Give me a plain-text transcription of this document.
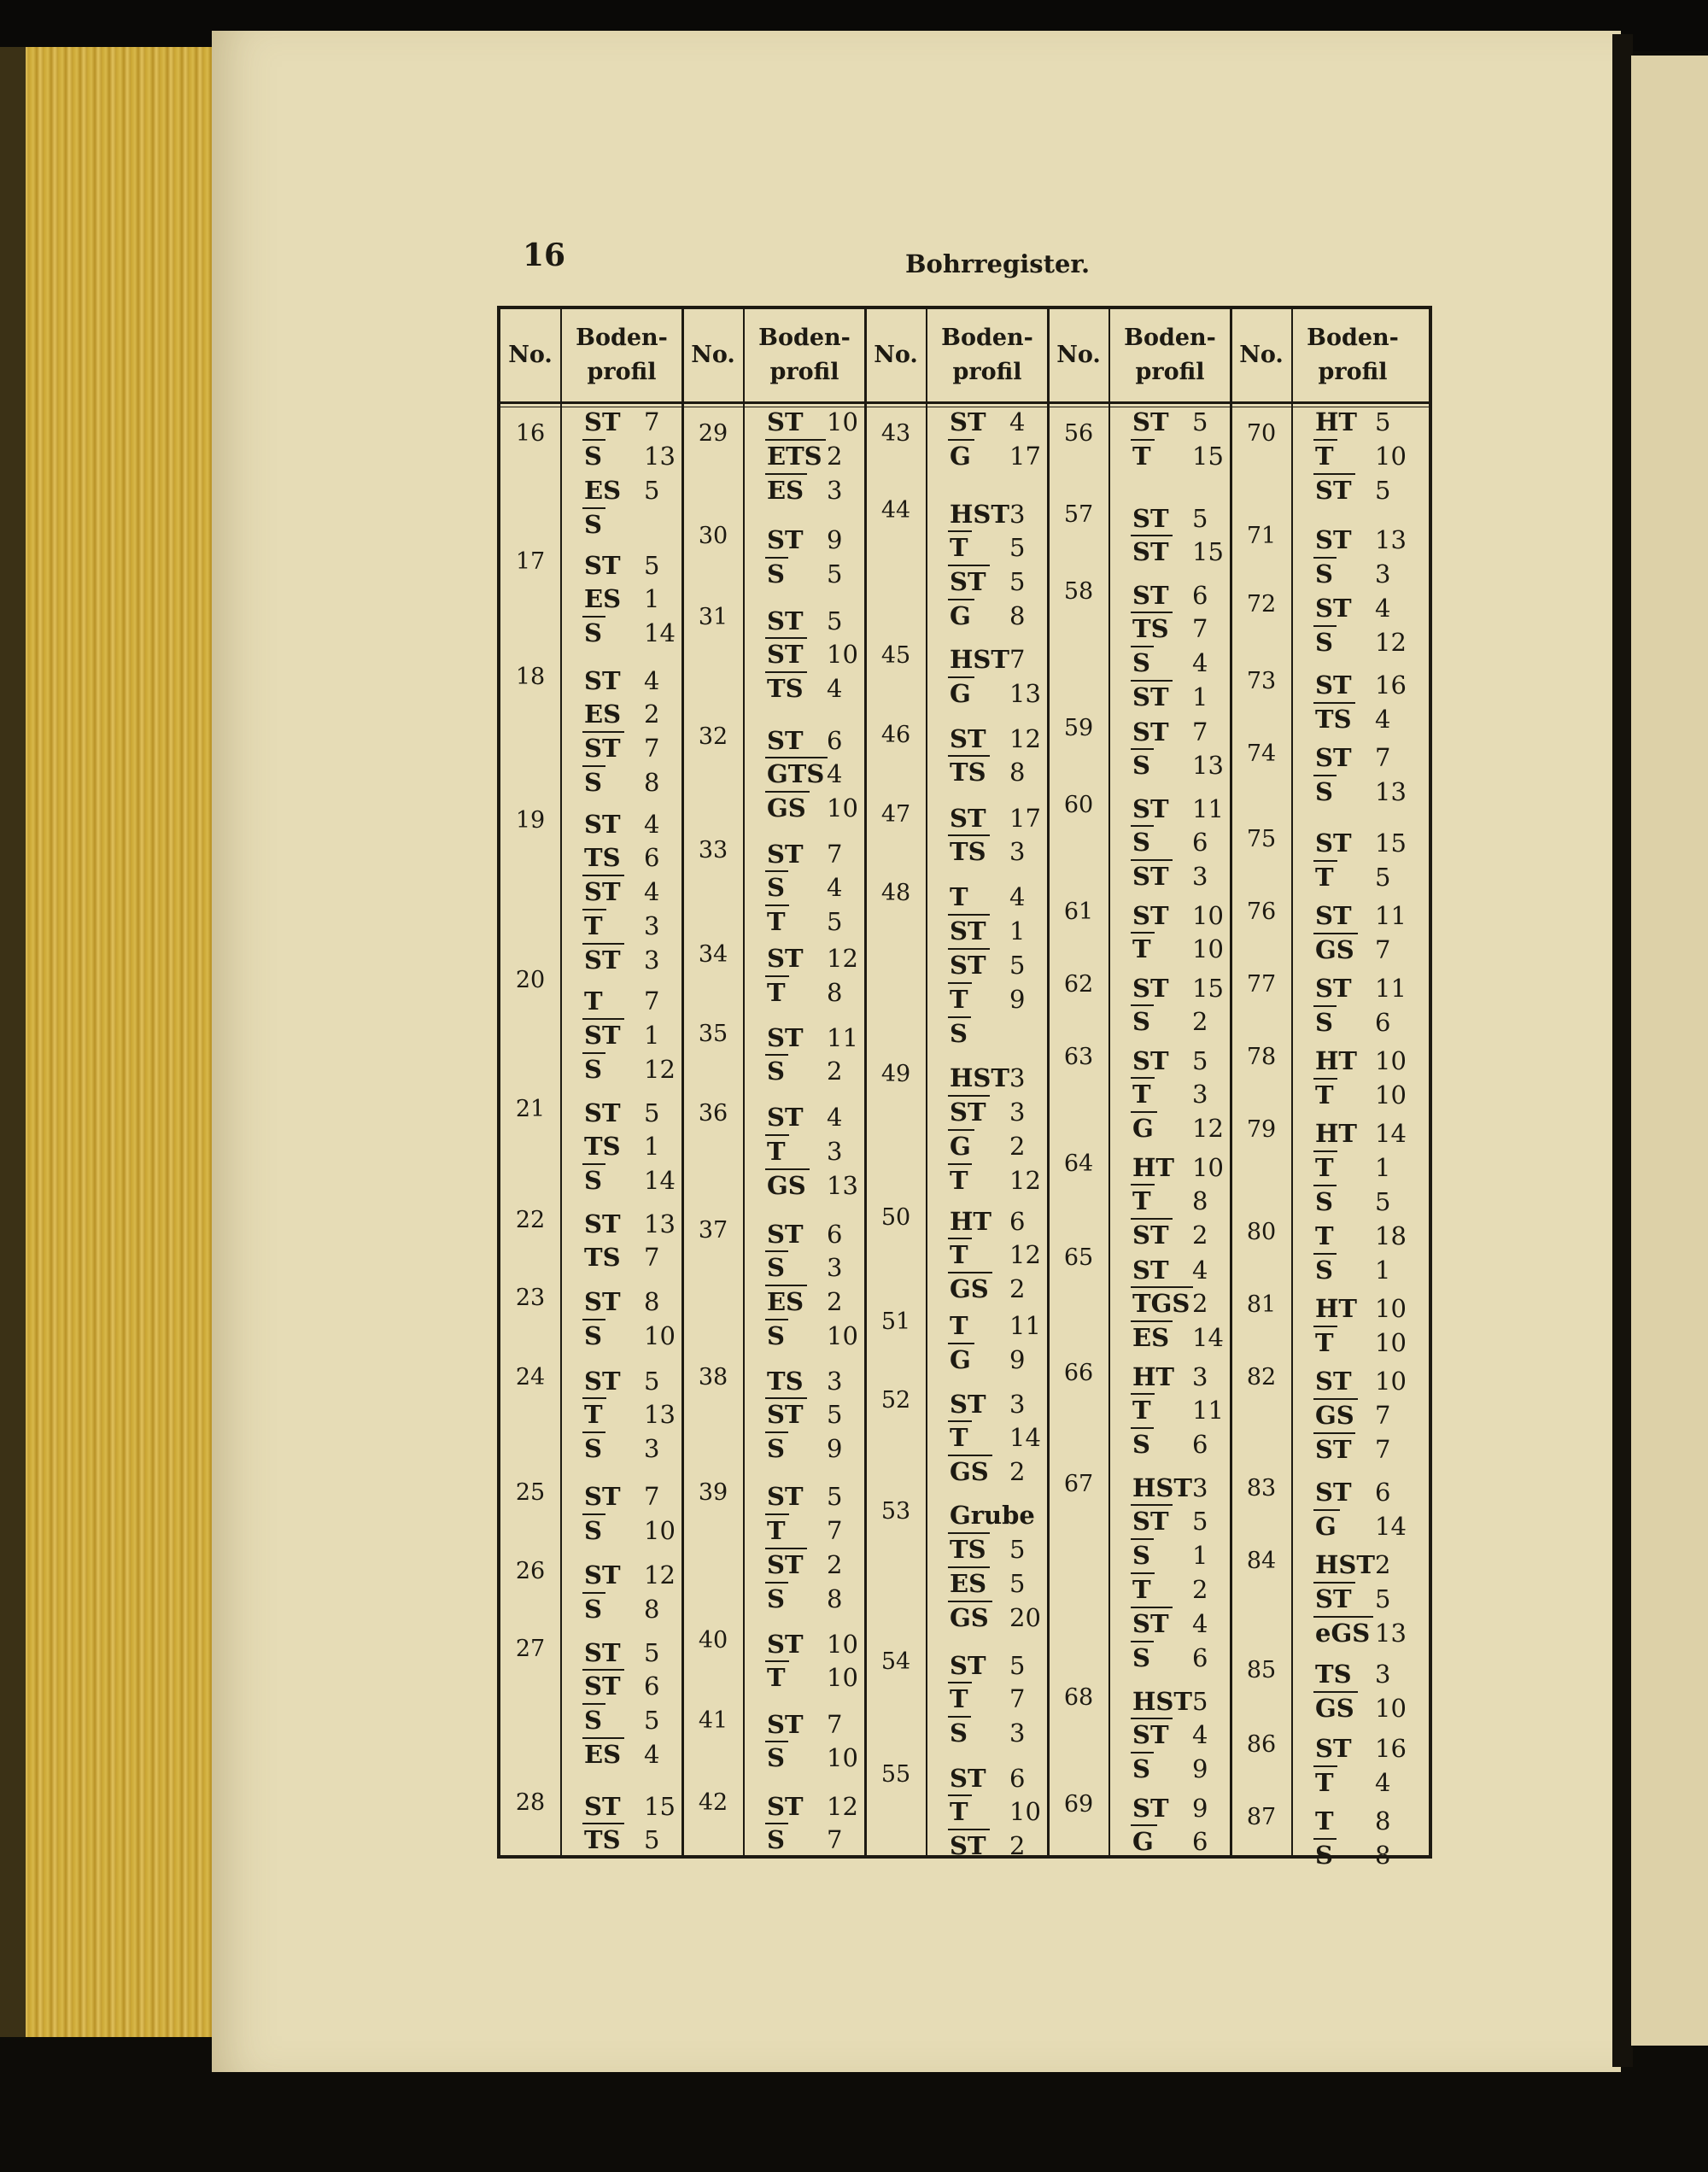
16	Bohrregister.
No.
Boden-
profil
16
17
18
19
20
21
22
23
24
25
26
27
28
ST 7
S 13
ES 5
S
ST 5
ES 1
S 14
ST 4
ES 2
ST 7
S 8
ST 4
TS 6
ST 4
T 3
ST 3
T 7
ST 1
S 12
ST 5
TS 1
S 14
ST 13
TS 7
ST 8
S 10
ST 5
T 13
S 3
ST 7
S 10
ST 12
S 8
ST 5
ST 6
S 5
ES 4
ST 15
TS 5
No.
Boden-
profil
29
30
31
32
33
34
35
36
37
38
39
40
41
42
ST 10
ETS 2
ES 3
ST 9
S 5
ST 5
ST 10
TS 4
ST 6
GTS 4
GS 10
ST 7
S 4
T 5
ST 12
T 8
ST 11
S 2
ST 4
T 3
GS 13
ST 6
S 3
ES 2
S 10
TS 3
ST 5
S 9
ST 5
T 7
ST 2
S 8
ST 10
T 10
ST 7
S 10
ST 12
S 7
No.
Boden-
profil
43
44
45
46
47
48
49
50
51
52
53
54
55
ST 4
G 17
HST 3
T 5
ST 5
G 8
HST 7
G 13
ST 12
TS 8
ST 17
TS 3
T 4
ST 1
ST 5
T 9
S
HST 3
ST 3
G 2
T 12
HT 6
T 12
GS 2
T 11
G 9
ST 3
T 14
GS 2
Grube
TS 5
ES 5
GS 20
ST 5
T 7
S 3
ST 6
T 10
ST 2
No.
Boden-
profil
56
57
58
59
60
61
62
63
64
65
66
67
68
69
ST 5
T 15
ST 5
ST 15
ST 6
TS 7
S 4
ST 1
ST 7
S 13
ST 11
S 6
ST 3
ST 10
T 10
ST 15
S 2
ST 5
T 3
G 12
HT 10
T 8
ST 2
ST 4
TGS 2
ES 14
HT 3
T 11
S 6
HST 3
ST 5
S 1
T 2
ST 4
S 6
HST 5
ST 4
S 9
ST 9
G 6
No.
Boden-
profil
70
71
72
73
74
75
76
77
78
79
80
81
82
83
84
85
86
87
HT 5
T 10
ST 5
ST 13
S 3
ST 4
S 12
ST 16
TS 4
ST 7
S 13
ST 15
T 5
ST 11
GS 7
ST 11
S 6
HT 10
T 10
HT 14
T 1
S 5
T 18
S 1
HT 10
T 10
ST 10
GS 7
ST 7
ST 6
G 14
HST 2
ST 5
eGS 13
TS 3
GS 10
ST 16
T 4
T 8
S 8
